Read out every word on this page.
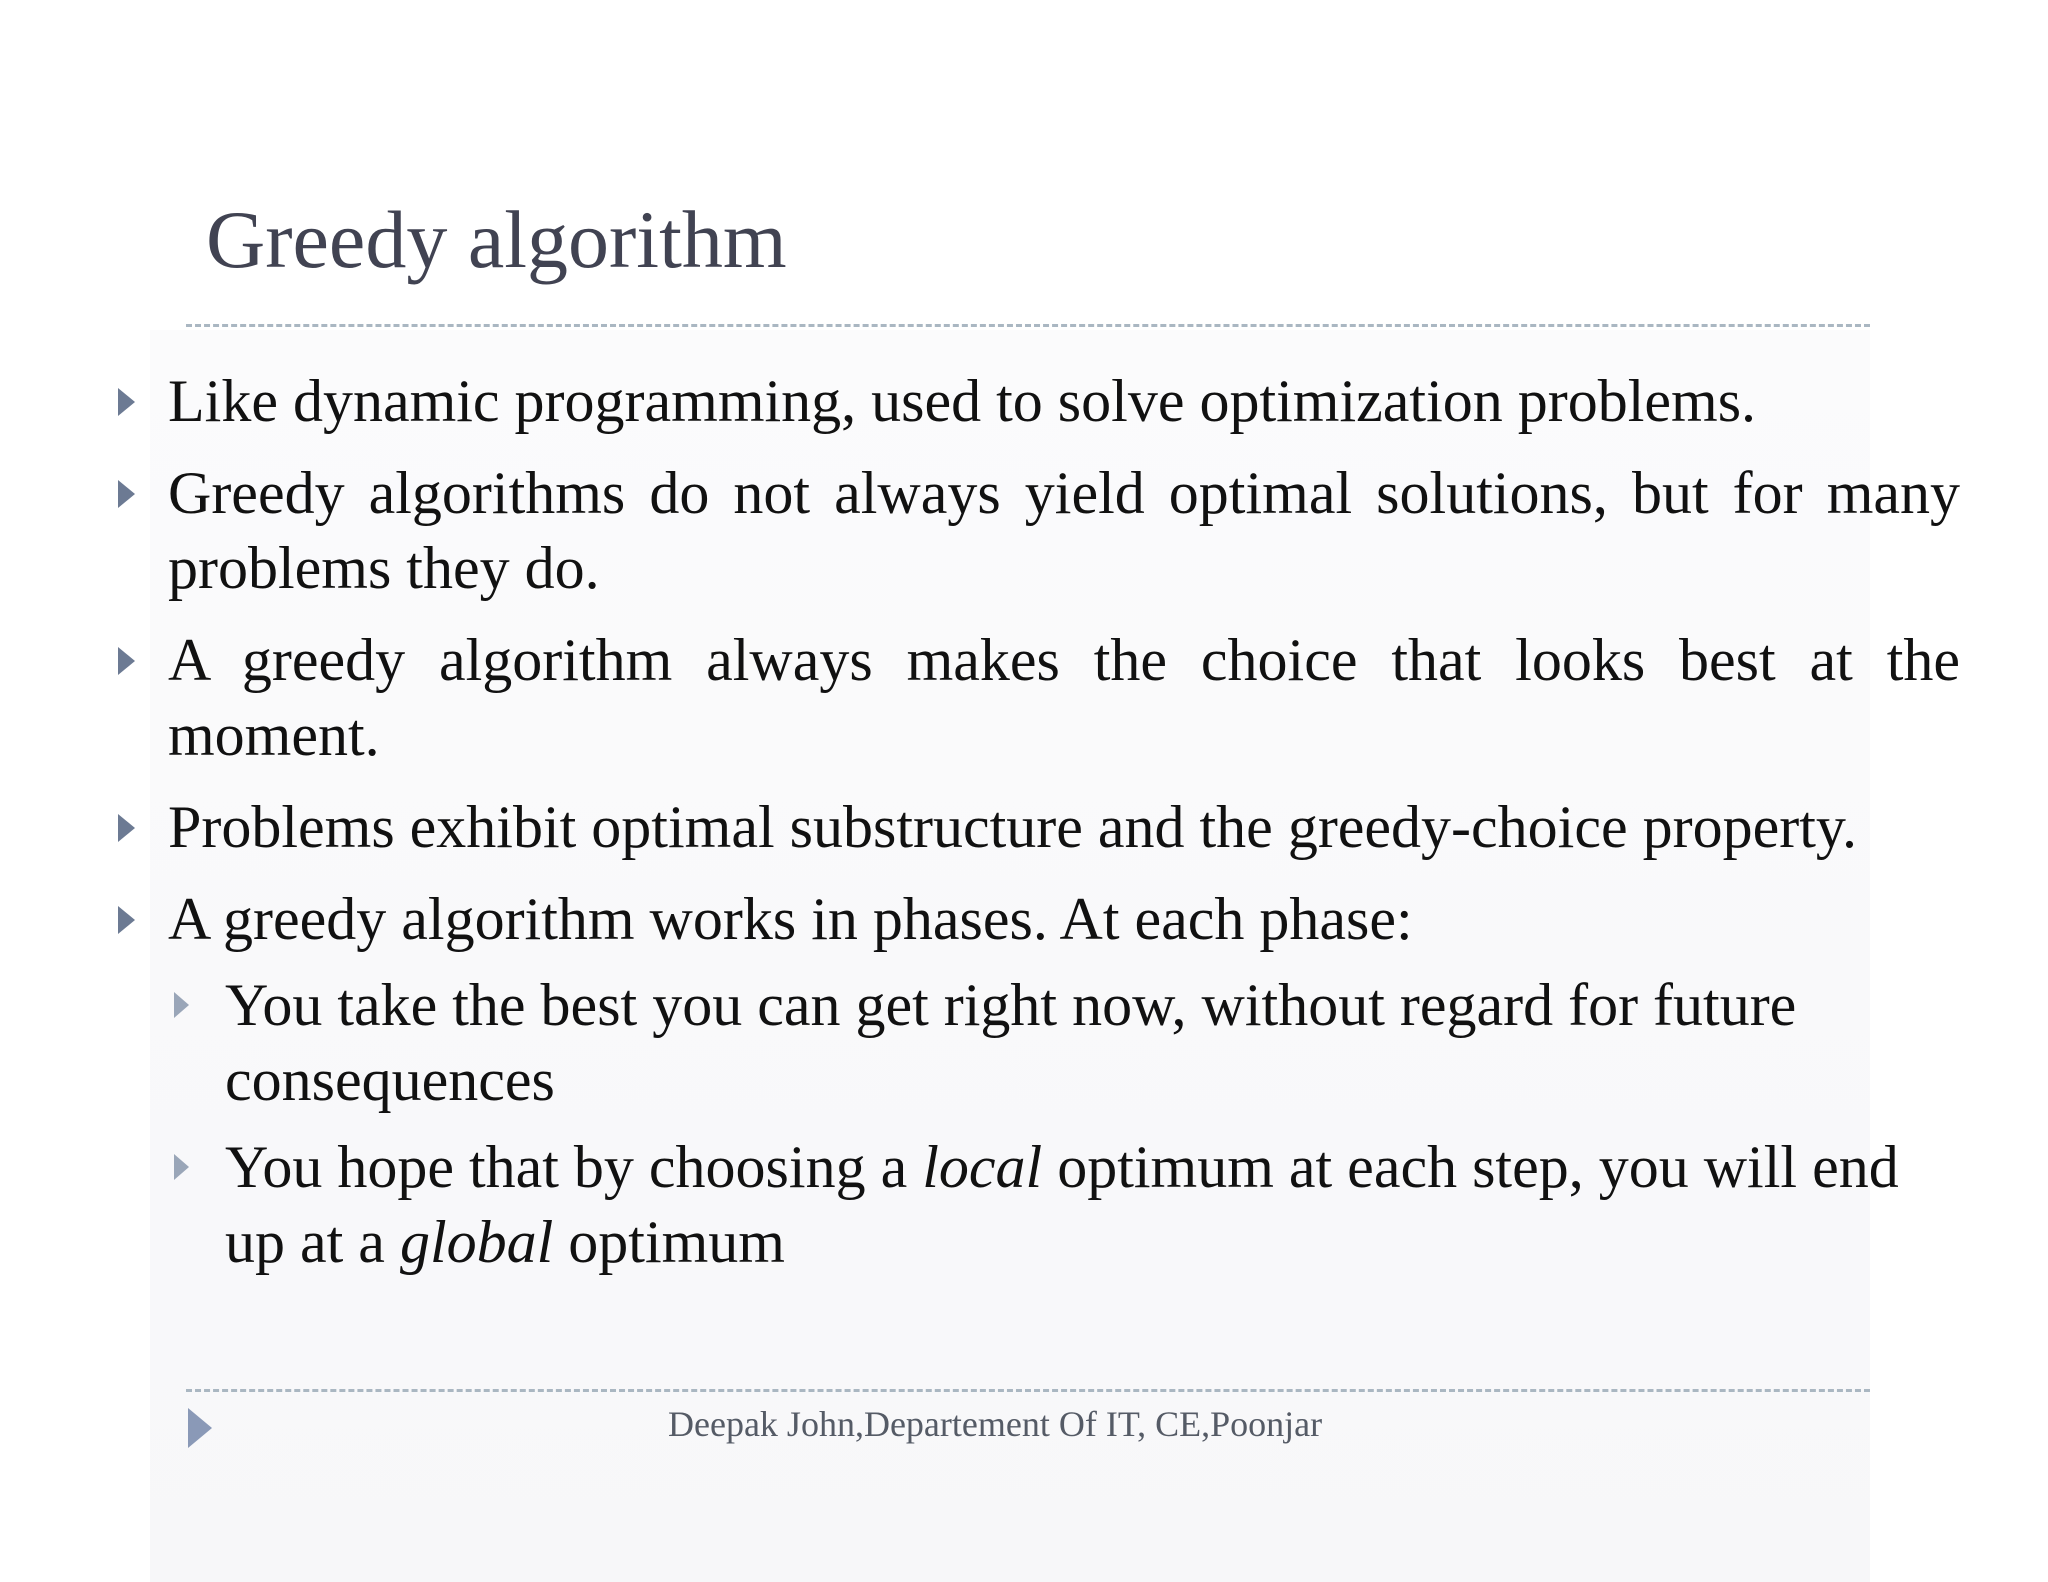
Greedy algorithm
Like dynamic programming, used to solve optimization problems.
Greedy algorithms do not always yield optimal solutions, but for many problems they do.
A greedy algorithm always makes the choice that looks best at the moment.
Problems exhibit optimal substructure and the greedy-choice property.
A greedy algorithm works in phases. At each phase:
You take the best you can get right now, without regard for future consequences
You hope that by choosing a local optimum at each step, you will end up at a global optimum
Deepak John,Departement Of IT, CE,Poonjar
